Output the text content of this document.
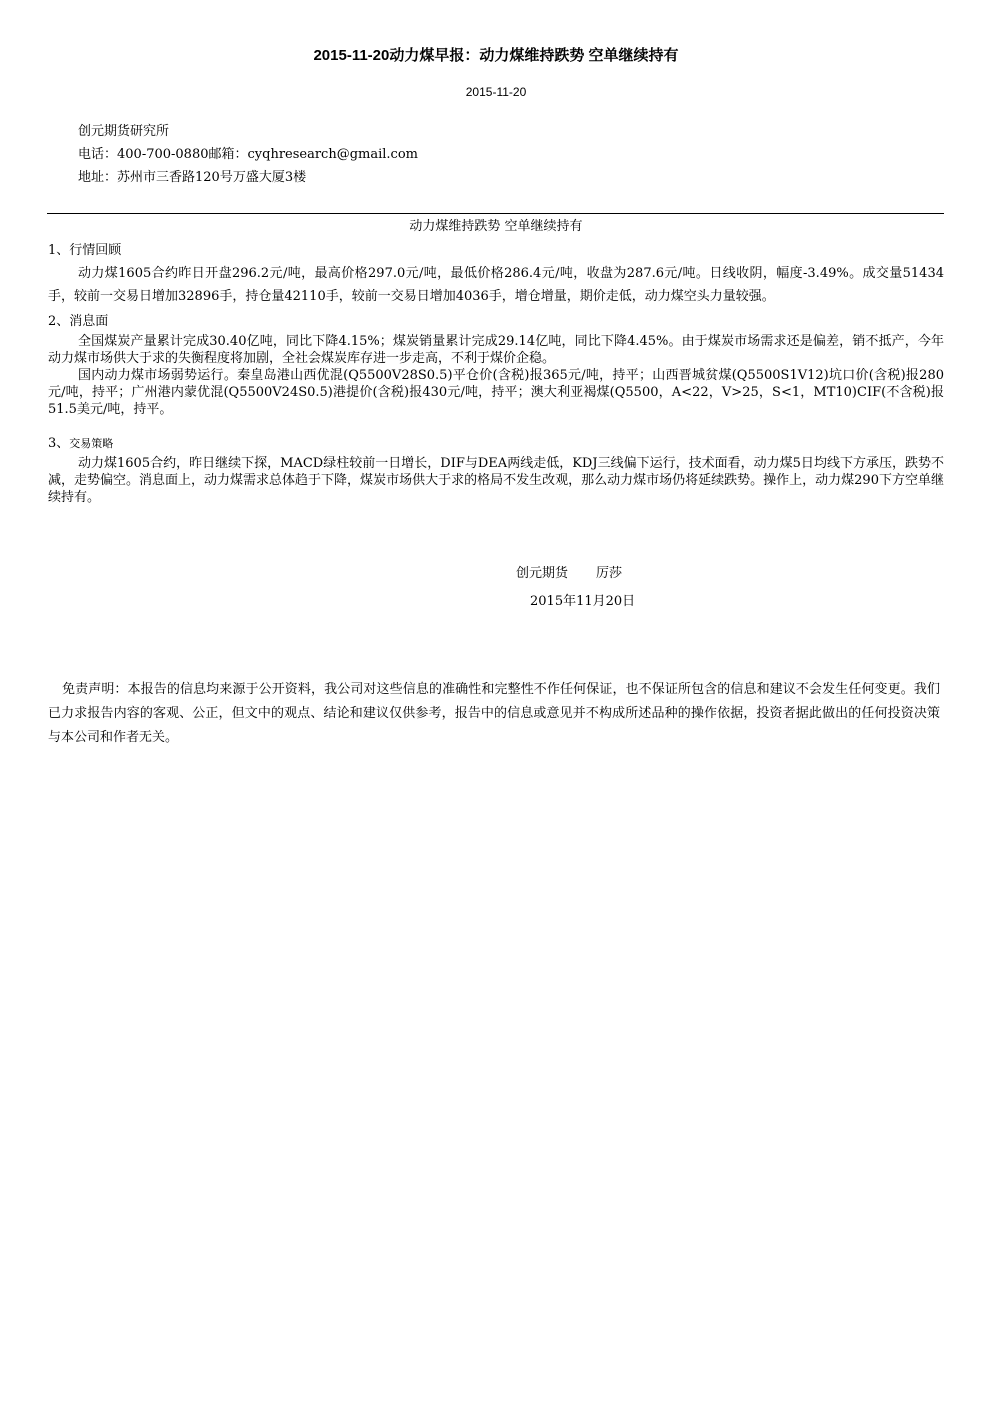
2015-11-20动力煤早报：动力煤维持跌势 空单继续持有
2015-11-20
创元期货研究所
电话：400-700-0880邮箱：cyqhresearch@gmail.com
地址：苏州市三香路120号万盛大厦3楼
动力煤维持跌势 空单继续持有
1、行情回顾

动力煤1605合约昨日开盘296.2元/吨，最高价格297.0元/吨，最低价格286.4元/吨，收盘为287.6元/吨。日线收阴，幅度-3.49%。成交量51434手，较前一交易日增加32896手，持仓量42110手，较前一交易日增加4036手，增仓增量，期价走低，动力煤空头力量较强。

2、消息面

全国煤炭产量累计完成30.40亿吨，同比下降4.15%；煤炭销量累计完成29.14亿吨，同比下降4.45%。由于煤炭市场需求还是偏差，销不抵产，今年动力煤市场供大于求的失衡程度将加剧，全社会煤炭库存进一步走高，不利于煤价企稳。

国内动力煤市场弱势运行。秦皇岛港山西优混(Q5500V28S0.5)平仓价(含税)报365元/吨，持平；山西晋城贫煤(Q5500S1V12)坑口价(含税)报280元/吨，持平；广州港内蒙优混(Q5500V24S0.5)港提价(含税)报430元/吨，持平；澳大利亚褐煤(Q5500，A<22，V>25，S<1，MT10)CIF(不含税)报51.5美元/吨，持平。

3、交易策略

动力煤1605合约，昨日继续下探，MACD绿柱较前一日增长，DIF与DEA两线走低，KDJ三线偏下运行，技术面看，动力煤5日均线下方承压，跌势不减，走势偏空。消息面上，动力煤需求总体趋于下降，煤炭市场供大于求的格局不发生改观，那么动力煤市场仍将延续跌势。操作上，动力煤290下方空单继续持有。

创元期货 厉莎
2015年11月20日
免责声明：本报告的信息均来源于公开资料，我公司对这些信息的准确性和完整性不作任何保证，也不保证所包含的信息和建议不会发生任何变更。我们已力求报告内容的客观、公正，但文中的观点、结论和建议仅供参考，报告中的信息或意见并不构成所述品种的操作依据，投资者据此做出的任何投资决策与本公司和作者无关。
